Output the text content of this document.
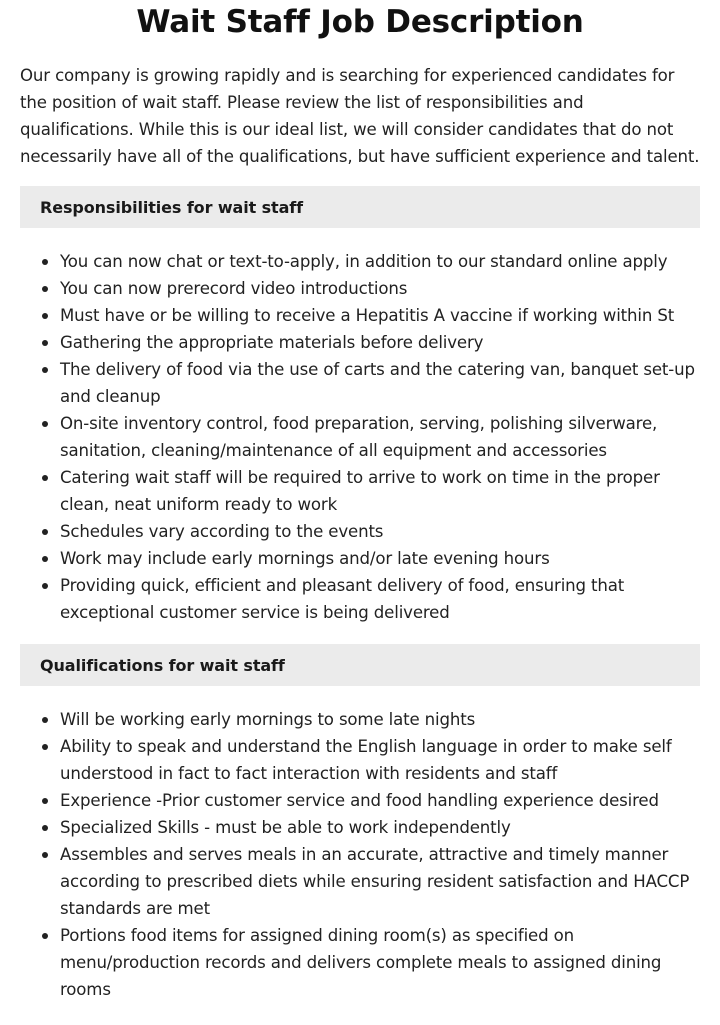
Wait Staff Job Description

Our company is growing rapidly and is searching for experienced candidates for the position of wait staff. Please review the list of responsibilities and qualifications. While this is our ideal list, we will consider candidates that do not necessarily have all of the qualifications, but have sufficient experience and talent.

Responsibilities for wait staff
You can now chat or text-to-apply, in addition to our standard online apply
You can now prerecord video introductions
Must have or be willing to receive a Hepatitis A vaccine if working within St
Gathering the appropriate materials before delivery
The delivery of food via the use of carts and the catering van, banquet set-up and cleanup
On-site inventory control, food preparation, serving, polishing silverware, sanitation, cleaning/maintenance of all equipment and accessories
Catering wait staff will be required to arrive to work on time in the proper clean, neat uniform ready to work
Schedules vary according to the events
Work may include early mornings and/or late evening hours
Providing quick, efficient and pleasant delivery of food, ensuring that exceptional customer service is being delivered
Qualifications for wait staff
Will be working early mornings to some late nights
Ability to speak and understand the English language in order to make self understood in fact to fact interaction with residents and staff
Experience -Prior customer service and food handling experience desired
Specialized Skills - must be able to work independently
Assembles and serves meals in an accurate, attractive and timely manner according to prescribed diets while ensuring resident satisfaction and HACCP standards are met
Portions food items for assigned dining room(s) as specified on menu/production records and delivers complete meals to assigned dining rooms
